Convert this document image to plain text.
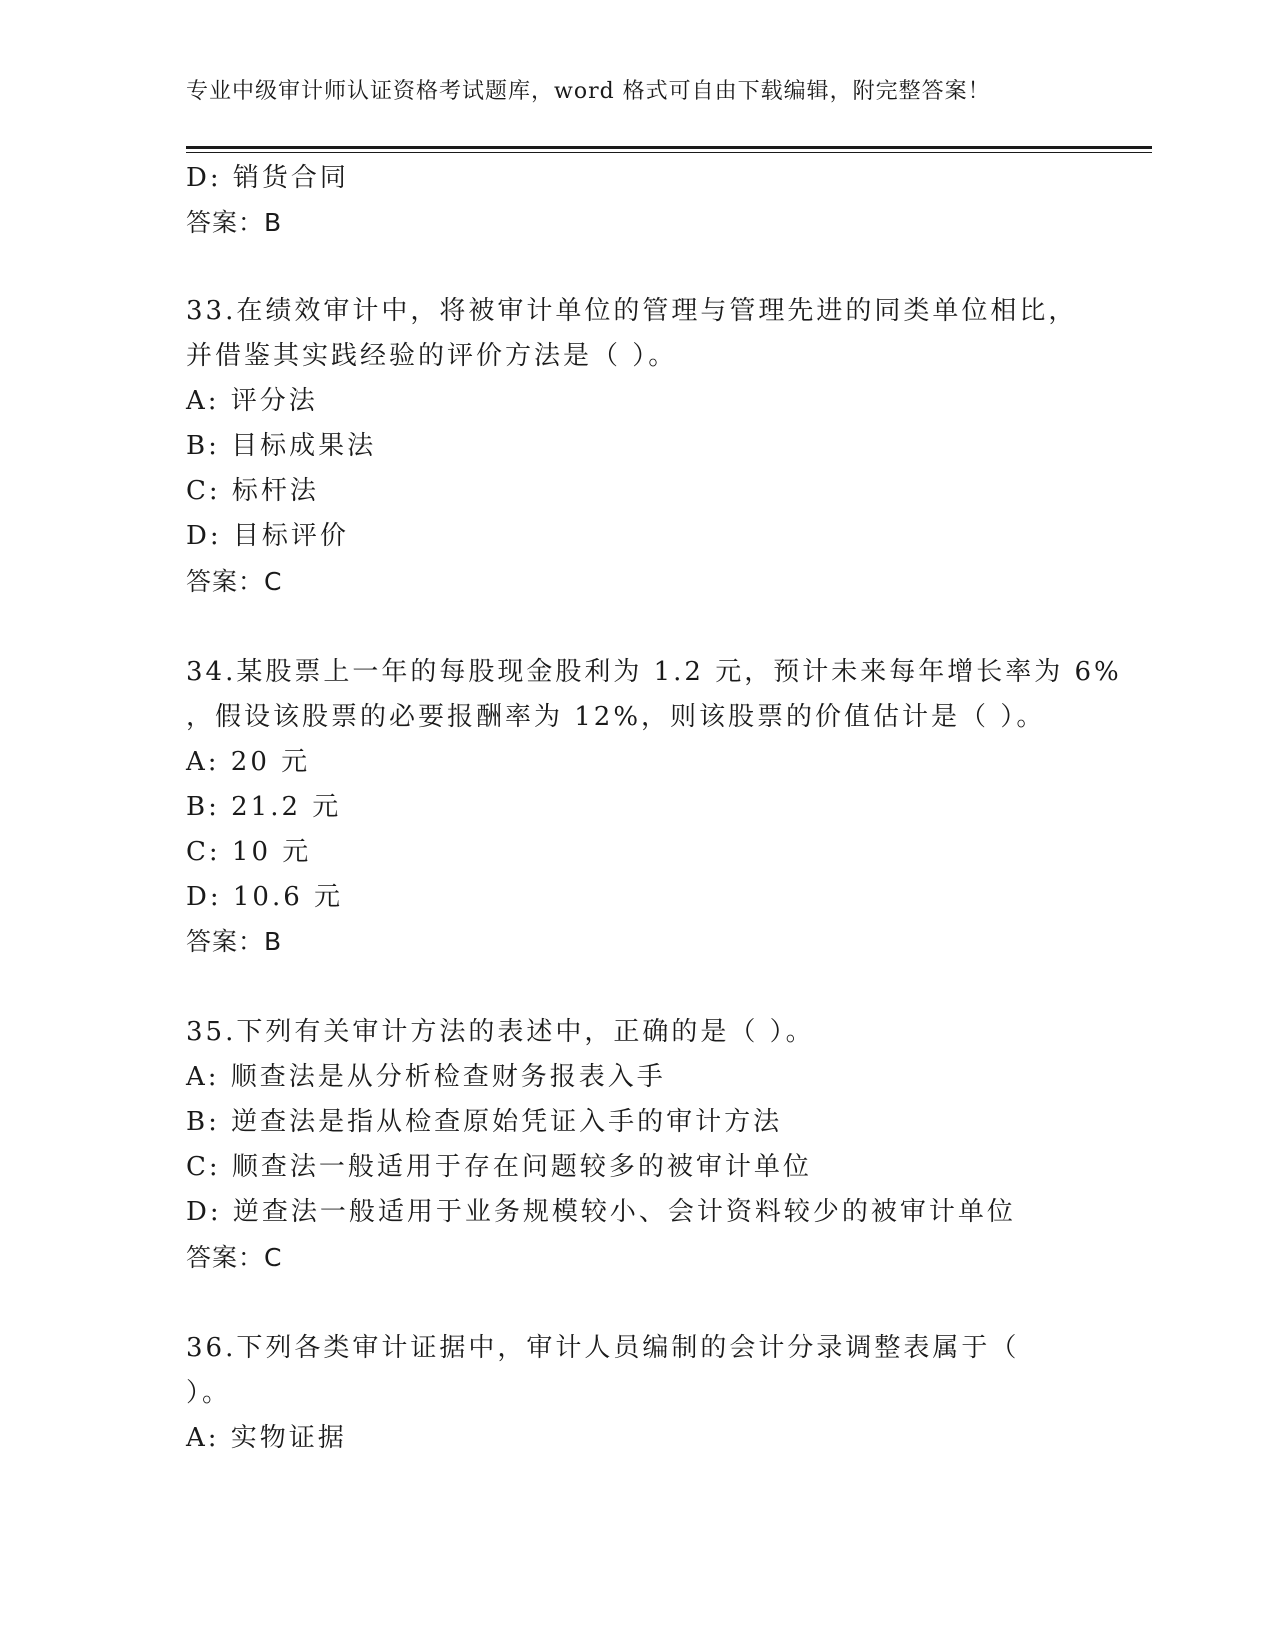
专业中级审计师认证资格考试题库，word 格式可自由下载编辑，附完整答案！
D: 销货合同
答案：B
33.在绩效审计中，将被审计单位的管理与管理先进的同类单位相比，
并借鉴其实践经验的评价方法是（ ）。
A: 评分法
B: 目标成果法
C: 标杆法
D: 目标评价
答案：C
34.某股票上一年的每股现金股利为 1.2 元，预计未来每年增长率为 6%
，假设该股票的必要报酬率为 12%，则该股票的价值估计是（ ）。
A: 20 元
B: 21.2 元
C: 10 元
D: 10.6 元
答案：B
35.下列有关审计方法的表述中，正确的是（ ）。
A: 顺查法是从分析检查财务报表入手
B: 逆查法是指从检查原始凭证入手的审计方法
C: 顺查法一般适用于存在问题较多的被审计单位
D: 逆查法一般适用于业务规模较小、会计资料较少的被审计单位
答案：C
36.下列各类审计证据中，审计人员编制的会计分录调整表属于（
）。
A: 实物证据
